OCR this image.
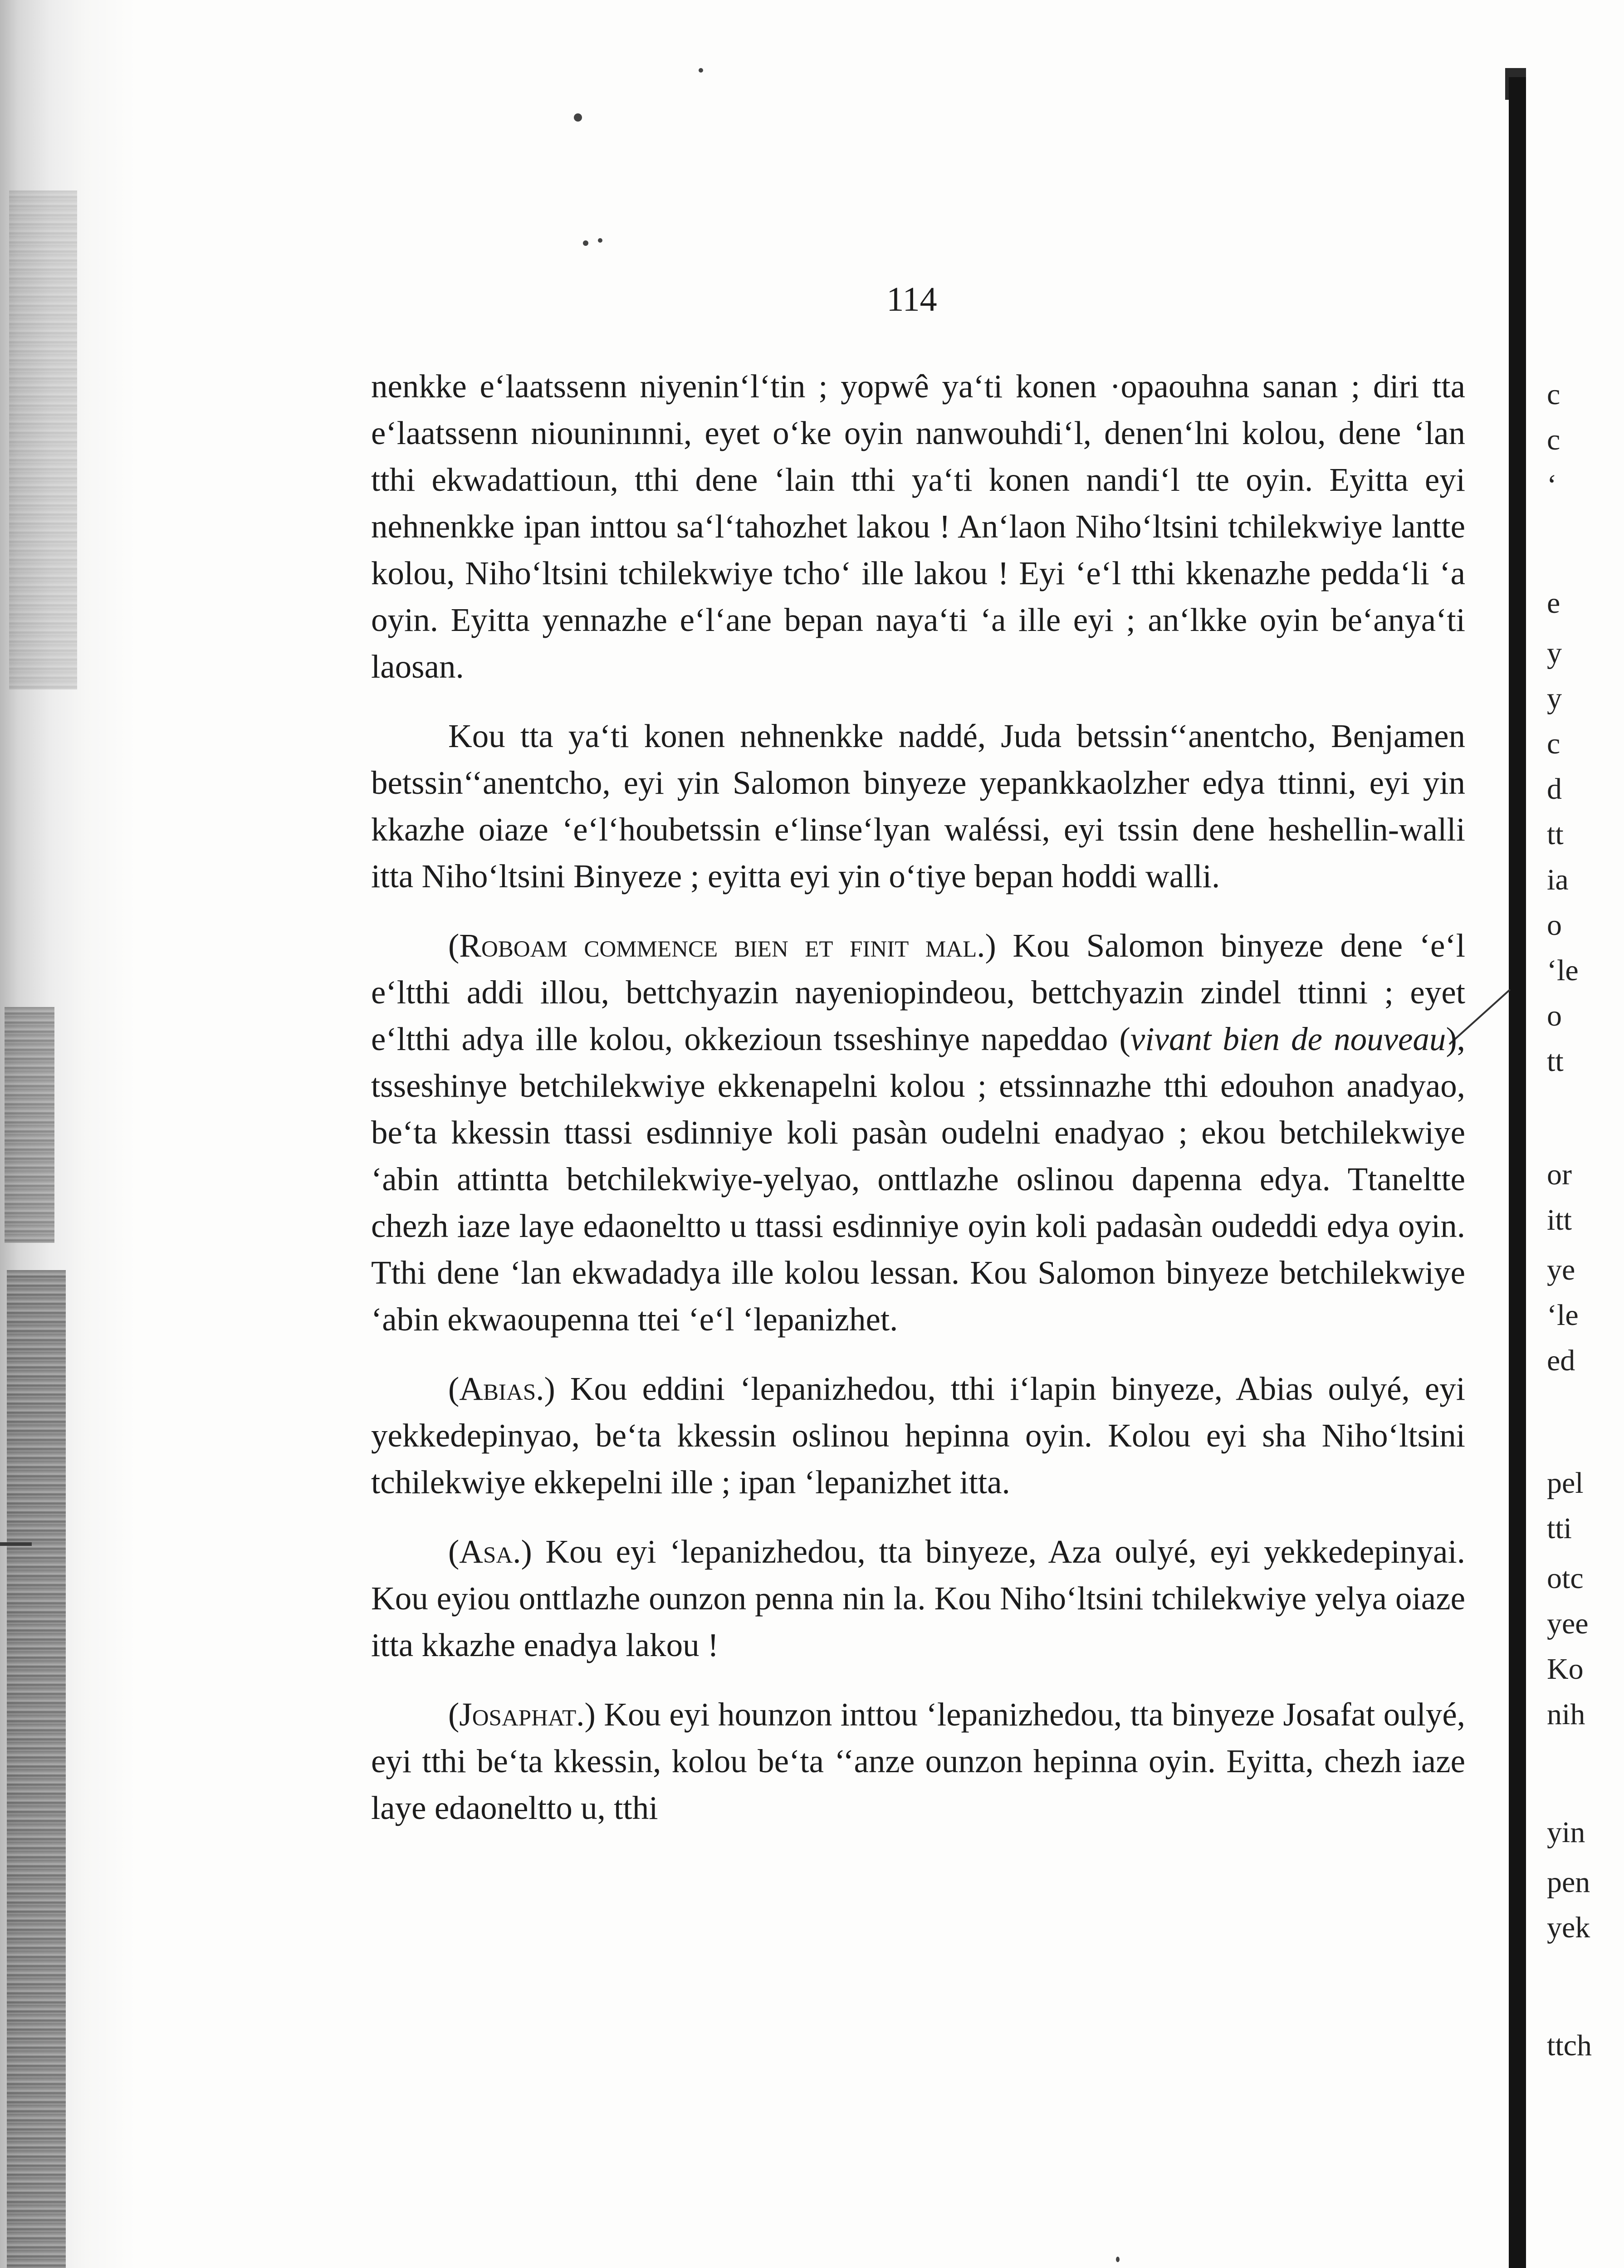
114

nenkke e‘laatssenn niyenin‘l‘tin ; yopwê ya‘ti konen ·opaouhna sanan ; diri tta e‘laatssenn niouninınni, eyet o‘ke oyin nanwouhdi‘l, denen‘lni kolou, dene ‘lan tthi ekwadattioun, tthi dene ‘lain tthi ya‘ti konen nandi‘l tte oyin. Eyitta eyi nehnenkke ipan inttou sa‘l‘tahozhet lakou ! An‘laon Niho‘ltsini tchilekwiye lantte kolou, Niho‘ltsini tchilekwiye tcho‘ ille lakou ! Eyi ‘e‘l tthi kkenazhe pedda‘li ‘a oyin. Eyitta yennazhe e‘l‘ane bepan naya‘ti ‘a ille eyi ; an‘lkke oyin be‘anya‘ti laosan.

Kou tta ya‘ti konen nehnenkke naddé, Juda betssin‘‘anentcho, Benjamen betssin‘‘anentcho, eyi yin Salomon binyeze yepankkaolzher edya ttinni, eyi yin kkazhe oiaze ‘e‘l‘houbetssin e‘linse‘lyan waléssi, eyi tssin dene heshellin-walli itta Niho‘ltsini Binyeze ; eyitta eyi yin o‘tiye bepan hoddi walli.

(Roboam commence bien et finit mal.) Kou Salomon binyeze dene ‘e‘l e‘ltthi addi illou, bettchyazin nayeniopindeou, bettchyazin zindel ttinni ; eyet e‘ltthi adya ille kolou, okkezioun tsseshinye napeddao (vivant bien de nouveau), tsseshinye betchilekwiye ekkenapelni kolou ; etssinnazhe tthi edouhon anadyao, be‘ta kkessin ttassi esdinniye koli pasàn oudelni enadyao ; ekou betchilekwiye ‘abin attintta betchilekwiye-yelyao, onttlazhe oslinou dapenna edya. Ttaneltte chezh iaze laye edaoneltto u ttassi esdinniye oyin koli padasàn oudeddi edya oyin. Tthi dene ‘lan ekwadadya ille kolou lessan. Kou Salomon binyeze betchilekwiye ‘abin ekwaoupenna ttei ‘e‘l ‘lepanizhet.

(Abias.) Kou eddini ‘lepanizhedou, tthi i‘lapin binyeze, Abias oulyé, eyi yekkedepinyao, be‘ta kkessin oslinou hepinna oyin. Kolou eyi sha Niho‘ltsini tchilekwiye ekkepelni ille ; ipan ‘lepanizhet itta.

(Asa.) Kou eyi ‘lepanizhedou, tta binyeze, Aza oulyé, eyi yekkedepinyai. Kou eyiou onttlazhe ounzon penna nin la. Kou Niho‘ltsini tchilekwiye yelya oiaze itta kkazhe enadya lakou !

(Josaphat.) Kou eyi hounzon inttou ‘lepanizhedou, tta binyeze Josafat oulyé, eyi tthi be‘ta kkessin, kolou be‘ta ‘‘anze ounzon hepinna oyin. Eyitta, chezh iaze laye edaoneltto u, tthi

c
c
‘
e
y
y
c
d
tt
ia
o
‘le
o
tt
or
itt
ye
‘le
ed
pel
tti
otc
yee
Ko
nih
yin
pen
yek
ttch
